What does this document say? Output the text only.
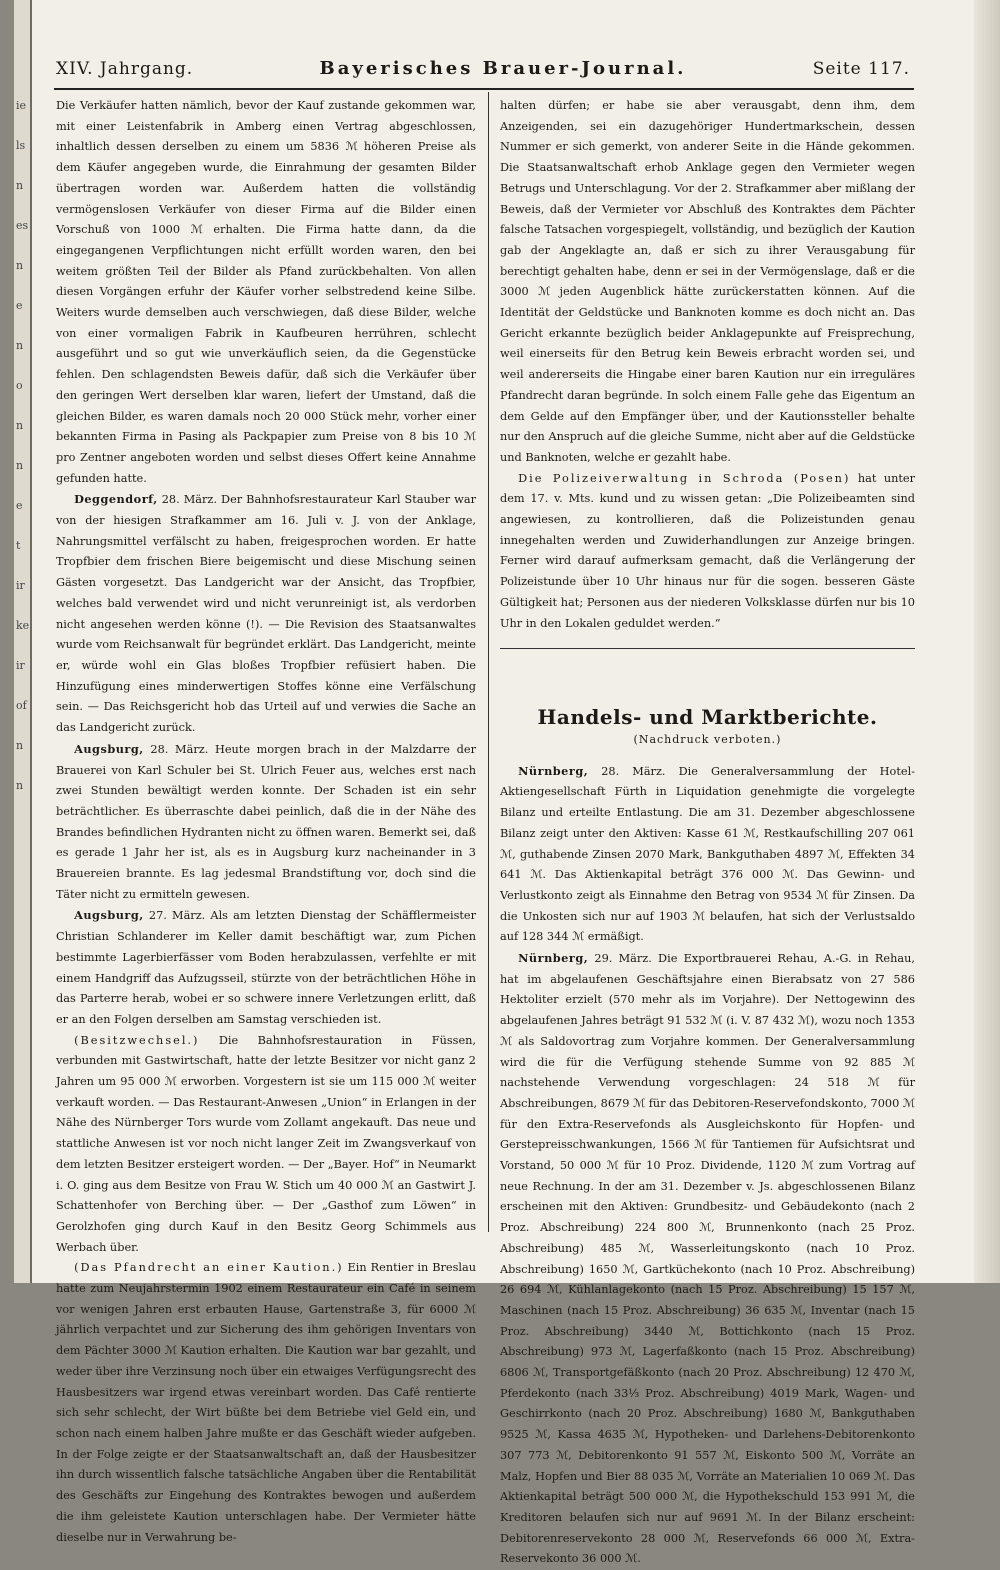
ie
ls
n
es
n
e
n
o
n
n
e
t
ir
ke
ir
of
n
n
XIV. Jahrgang.	Bayerisches Brauer-Journal.	Seite 117.

Die Verkäufer hatten nämlich, bevor der Kauf zustande gekommen war, mit einer Leistenfabrik in Amberg einen Vertrag abgeschlossen, inhaltlich dessen derselben zu einem um 5836 ℳ höheren Preise als dem Käufer angegeben wurde, die Einrahmung der gesamten Bilder übertragen worden war. Außerdem hatten die vollständig vermögenslosen Verkäufer von dieser Firma auf die Bilder einen Vorschuß von 1000 ℳ erhalten. Die Firma hatte dann, da die eingegangenen Verpflichtungen nicht erfüllt worden waren, den bei weitem größten Teil der Bilder als Pfand zurückbehalten. Von allen diesen Vorgängen erfuhr der Käufer vorher selbstredend keine Silbe. Weiters wurde demselben auch verschwiegen, daß diese Bilder, welche von einer vormaligen Fabrik in Kaufbeuren herrühren, schlecht ausgeführt und so gut wie unverkäuflich seien, da die Gegenstücke fehlen. Den schlagendsten Beweis dafür, daß sich die Verkäufer über den geringen Wert derselben klar waren, liefert der Umstand, daß die gleichen Bilder, es waren damals noch 20 000 Stück mehr, vorher einer bekannten Firma in Pasing als Packpapier zum Preise von 8 bis 10 ℳ pro Zentner angeboten worden und selbst dieses Offert keine Annahme gefunden hatte.

Deggendorf, 28. März. Der Bahnhofsrestaurateur Karl Stauber war von der hiesigen Strafkammer am 16. Juli v. J. von der Anklage, Nahrungsmittel verfälscht zu haben, freigesprochen worden. Er hatte Tropfbier dem frischen Biere beigemischt und diese Mischung seinen Gästen vorgesetzt. Das Landgericht war der Ansicht, das Tropfbier, welches bald verwendet wird und nicht verunreinigt ist, als verdorben nicht angesehen werden könne (!). — Die Revision des Staatsanwaltes wurde vom Reichsanwalt für begründet erklärt. Das Landgericht, meinte er, würde wohl ein Glas bloßes Tropfbier refüsiert haben. Die Hinzufügung eines minderwertigen Stoffes könne eine Verfälschung sein. — Das Reichsgericht hob das Urteil auf und verwies die Sache an das Landgericht zurück.

Augsburg, 28. März. Heute morgen brach in der Malzdarre der Brauerei von Karl Schuler bei St. Ulrich Feuer aus, welches erst nach zwei Stunden bewältigt werden konnte. Der Schaden ist ein sehr beträchtlicher. Es überraschte dabei peinlich, daß die in der Nähe des Brandes befindlichen Hydranten nicht zu öffnen waren. Bemerkt sei, daß es gerade 1 Jahr her ist, als es in Augsburg kurz nacheinander in 3 Brauereien brannte. Es lag jedesmal Brandstiftung vor, doch sind die Täter nicht zu ermitteln gewesen.

Augsburg, 27. März. Als am letzten Dienstag der Schäfflermeister Christian Schlanderer im Keller damit beschäftigt war, zum Pichen bestimmte Lagerbierfässer vom Boden herabzulassen, verfehlte er mit einem Handgriff das Aufzugsseil, stürzte von der beträchtlichen Höhe in das Parterre herab, wobei er so schwere innere Verletzungen erlitt, daß er an den Folgen derselben am Samstag verschieden ist.

(Besitzwechsel.) Die Bahnhofsrestauration in Füssen, verbunden mit Gastwirtschaft, hatte der letzte Besitzer vor nicht ganz 2 Jahren um 95 000 ℳ erworben. Vorgestern ist sie um 115 000 ℳ weiter verkauft worden. — Das Restaurant-Anwesen „Union“ in Erlangen in der Nähe des Nürnberger Tors wurde vom Zollamt angekauft. Das neue und stattliche Anwesen ist vor noch nicht langer Zeit im Zwangsverkauf von dem letzten Besitzer ersteigert worden. — Der „Bayer. Hof“ in Neumarkt i. O. ging aus dem Besitze von Frau W. Stich um 40 000 ℳ an Gastwirt J. Schattenhofer von Berching über. — Der „Gasthof zum Löwen“ in Gerolzhofen ging durch Kauf in den Besitz Georg Schimmels aus Werbach über.

(Das Pfandrecht an einer Kaution.) Ein Rentier in Breslau hatte zum Neujahrstermin 1902 einem Restaurateur ein Café in seinem vor wenigen Jahren erst erbauten Hause, Gartenstraße 3, für 6000 ℳ jährlich verpachtet und zur Sicherung des ihm gehörigen Inventars von dem Pächter 3000 ℳ Kaution erhalten. Die Kaution war bar gezahlt, und weder über ihre Verzinsung noch über ein etwaiges Verfügungsrecht des Hausbesitzers war irgend etwas vereinbart worden. Das Café rentierte sich sehr schlecht, der Wirt büßte bei dem Betriebe viel Geld ein, und schon nach einem halben Jahre mußte er das Geschäft wieder aufgeben. In der Folge zeigte er der Staatsanwaltschaft an, daß der Hausbesitzer ihn durch wissentlich falsche tatsächliche Angaben über die Rentabilität des Geschäfts zur Eingehung des Kontraktes bewogen und außerdem die ihm geleistete Kaution unterschlagen habe. Der Vermieter hätte dieselbe nur in Verwahrung be-

halten dürfen; er habe sie aber verausgabt, denn ihm, dem Anzeigenden, sei ein dazugehöriger Hundertmarkschein, dessen Nummer er sich gemerkt, von anderer Seite in die Hände gekommen. Die Staatsanwaltschaft erhob Anklage gegen den Vermieter wegen Betrugs und Unterschlagung. Vor der 2. Strafkammer aber mißlang der Beweis, daß der Vermieter vor Abschluß des Kontraktes dem Pächter falsche Tatsachen vorgespiegelt, vollständig, und bezüglich der Kaution gab der Angeklagte an, daß er sich zu ihrer Verausgabung für berechtigt gehalten habe, denn er sei in der Vermögenslage, daß er die 3000 ℳ jeden Augenblick hätte zurückerstatten können. Auf die Identität der Geldstücke und Banknoten komme es doch nicht an. Das Gericht erkannte bezüglich beider Anklagepunkte auf Freisprechung, weil einerseits für den Betrug kein Beweis erbracht worden sei, und weil andererseits die Hingabe einer baren Kaution nur ein irreguläres Pfandrecht daran begründe. In solch einem Falle gehe das Eigentum an dem Gelde auf den Empfänger über, und der Kautionssteller behalte nur den Anspruch auf die gleiche Summe, nicht aber auf die Geldstücke und Banknoten, welche er gezahlt habe.

Die Polizeiverwaltung in Schroda (Posen) hat unter dem 17. v. Mts. kund und zu wissen getan: „Die Polizeibeamten sind angewiesen, zu kontrollieren, daß die Polizeistunden genau innegehalten werden und Zuwiderhandlungen zur Anzeige bringen. Ferner wird darauf aufmerksam gemacht, daß die Verlängerung der Polizeistunde über 10 Uhr hinaus nur für die sogen. besseren Gäste Gültigkeit hat; Personen aus der niederen Volksklasse dürfen nur bis 10 Uhr in den Lokalen geduldet werden.“

Handels- und Marktberichte.
(Nachdruck verboten.)

Nürnberg, 28. März. Die Generalversammlung der Hotel-Aktiengesellschaft Fürth in Liquidation genehmigte die vorgelegte Bilanz und erteilte Entlastung. Die am 31. Dezember abgeschlossene Bilanz zeigt unter den Aktiven: Kasse 61 ℳ, Restkaufschilling 207 061 ℳ, guthabende Zinsen 2070 Mark, Bankguthaben 4897 ℳ, Effekten 34 641 ℳ. Das Aktienkapital beträgt 376 000 ℳ. Das Gewinn- und Verlustkonto zeigt als Einnahme den Betrag von 9534 ℳ für Zinsen. Da die Unkosten sich nur auf 1903 ℳ belaufen, hat sich der Verlustsaldo auf 128 344 ℳ ermäßigt.

Nürnberg, 29. März. Die Exportbrauerei Rehau, A.-G. in Rehau, hat im abgelaufenen Geschäftsjahre einen Bierabsatz von 27 586 Hektoliter erzielt (570 mehr als im Vorjahre). Der Nettogewinn des abgelaufenen Jahres beträgt 91 532 ℳ (i. V. 87 432 ℳ), wozu noch 1353 ℳ als Saldovortrag zum Vorjahre kommen. Der Generalversammlung wird die für die Verfügung stehende Summe von 92 885 ℳ nachstehende Verwendung vorgeschlagen: 24 518 ℳ für Abschreibungen, 8679 ℳ für das Debitoren-Reservefondskonto, 7000 ℳ für den Extra-Reservefonds als Ausgleichskonto für Hopfen- und Gerstepreisschwankungen, 1566 ℳ für Tantiemen für Aufsichtsrat und Vorstand, 50 000 ℳ für 10 Proz. Dividende, 1120 ℳ zum Vortrag auf neue Rechnung. In der am 31. Dezember v. Js. abgeschlossenen Bilanz erscheinen mit den Aktiven: Grundbesitz- und Gebäudekonto (nach 2 Proz. Abschreibung) 224 800 ℳ, Brunnenkonto (nach 25 Proz. Abschreibung) 485 ℳ, Wasserleitungskonto (nach 10 Proz. Abschreibung) 1650 ℳ, Gartküchekonto (nach 10 Proz. Abschreibung) 26 694 ℳ, Kühlanlagekonto (nach 15 Proz. Abschreibung) 15 157 ℳ, Maschinen (nach 15 Proz. Abschreibung) 36 635 ℳ, Inventar (nach 15 Proz. Abschreibung) 3440 ℳ, Bottichkonto (nach 15 Proz. Abschreibung) 973 ℳ, Lagerfaßkonto (nach 15 Proz. Abschreibung) 6806 ℳ, Transportgefäßkonto (nach 20 Proz. Abschreibung) 12 470 ℳ, Pferdekonto (nach 33⅓ Proz. Abschreibung) 4019 Mark, Wagen- und Geschirrkonto (nach 20 Proz. Abschreibung) 1680 ℳ, Bankguthaben 9525 ℳ, Kassa 4635 ℳ, Hypotheken- und Darlehens-Debitorenkonto 307 773 ℳ, Debitorenkonto 91 557 ℳ, Eiskonto 500 ℳ, Vorräte an Malz, Hopfen und Bier 88 035 ℳ, Vorräte an Materialien 10 069 ℳ. Das Aktienkapital beträgt 500 000 ℳ, die Hypothekschuld 153 991 ℳ, die Kreditoren belaufen sich nur auf 9691 ℳ. In der Bilanz erscheint: Debitorenreservekonto 28 000 ℳ, Reservefonds 66 000 ℳ, Extra-Reservekonto 36 000 ℳ.
